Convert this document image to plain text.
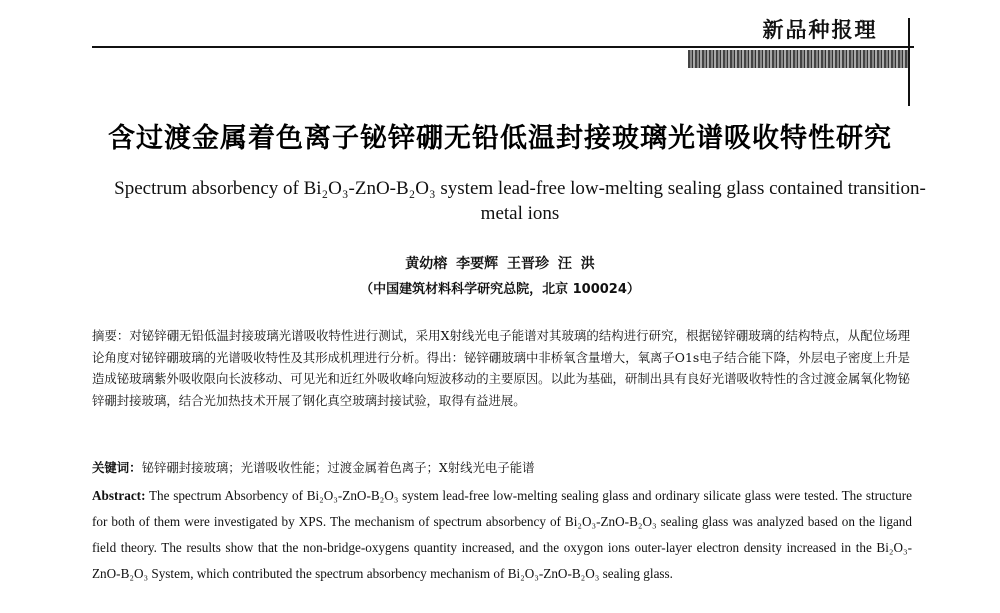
新品种报理
含过渡金属着色离子铋锌硼无铅低温封接玻璃光谱吸收特性研究
Spectrum absorbency of Bi₂O₃-ZnO-B₂O₃ system lead-free low-melting sealing glass contained transition-metal ions
黄幼榕 李要辉 王晋珍 汪 洪
（中国建筑材料科学研究总院，北京 100024）
摘要：对铋锌硼无铅低温封接玻璃光谱吸收特性进行测试，采用X射线光电子能谱对其玻璃的结构进行研究，根据铋锌硼玻璃的结构特点，从配位场理论角度对铋锌硼玻璃的光谱吸收特性及其形成机理进行分析。得出：铋锌硼玻璃中非桥氧含量增大，氧离子O1s电子结合能下降，外层电子密度上升是造成铋玻璃紫外吸收限向长波移动、可见光和近红外吸收峰向短波移动的主要原因。以此为基础，研制出具有良好光谱吸收特性的含过渡金属氧化物铋锌硼封接玻璃，结合光加热技术开展了钢化真空玻璃封接试验，取得有益进展。
关键词：铋锌硼封接玻璃；光谱吸收性能；过渡金属着色离子；X射线光电子能谱
Abstract: The spectrum Absorbency of Bi₂O₃-ZnO-B₂O₃ system lead-free low-melting sealing glass and ordinary silicate glass were tested. The structure for both of them were investigated by XPS. The mechanism of spectrum absorbency of Bi₂O₃-ZnO-B₂O₃ sealing glass was analyzed based on the ligand field theory. The results show that the non-bridge-oxygens quantity increased, and the oxygon ions outer-layer electron density increased in the Bi₂O₃-ZnO-B₂O₃ System, which contributed the spectrum absorbency mechanism of Bi₂O₃-ZnO-B₂O₃ sealing glass.
